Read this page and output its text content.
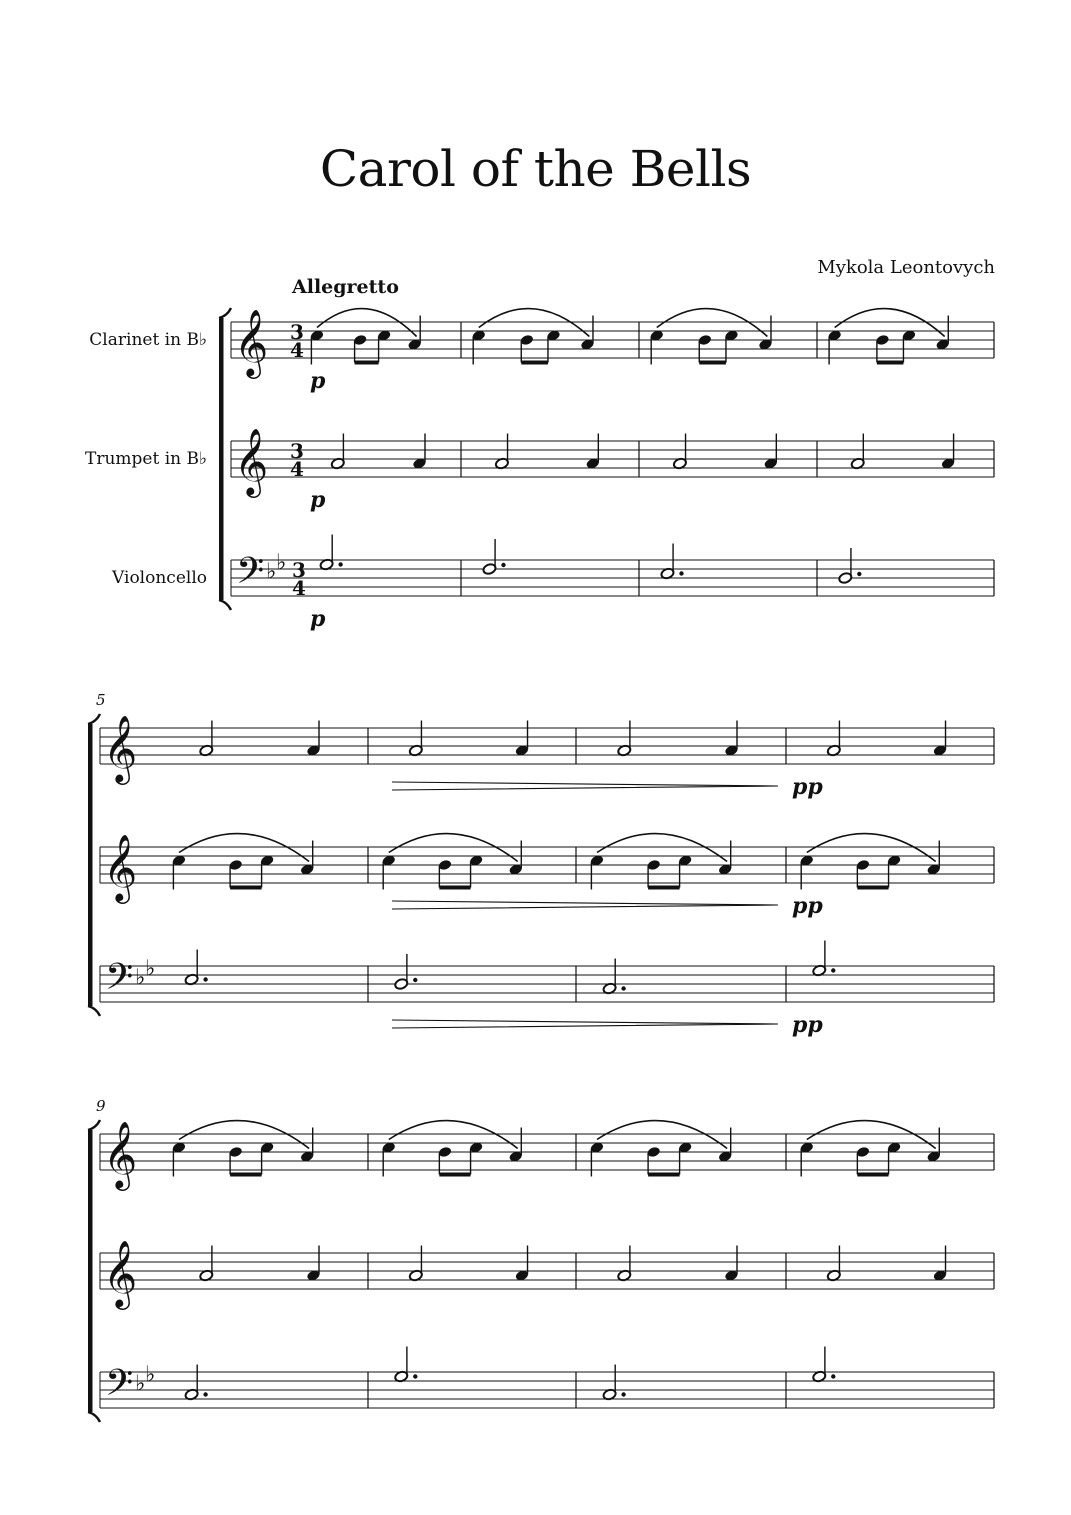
Carol of the Bells
Mykola Leontovych
Allegretto
Clarinet in B♭
Trumpet in B♭
Violoncello
5
9
𝄞
𝄞
𝄢 ♭ ♭
3
4
3
4
3
4
p
p
p
𝄞
𝄞
𝄢 ♭ ♭
pp
pp
pp
𝄞
𝄞
𝄢 ♭ ♭
